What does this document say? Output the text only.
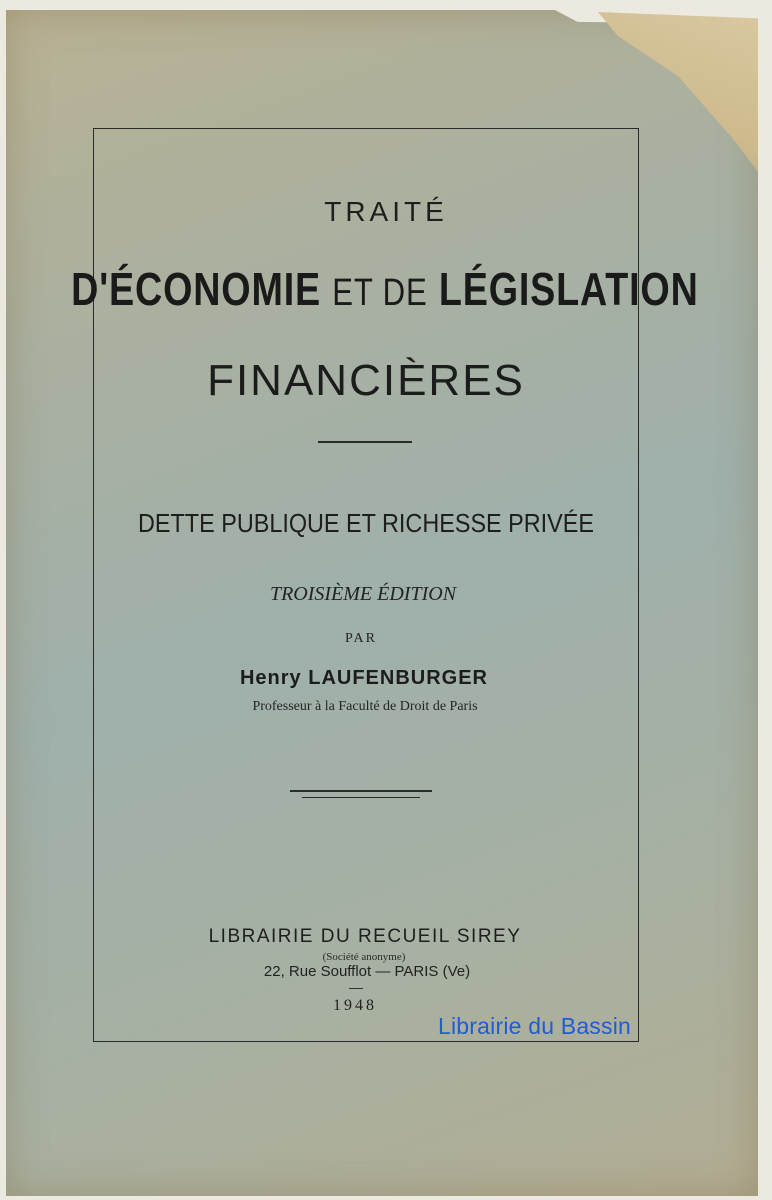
TRAITÉ
D'ÉCONOMIE ET DE LÉGISLATION
FINANCIÈRES
DETTE PUBLIQUE ET RICHESSE PRIVÉE
TROISIÈME ÉDITION
PAR
Henry LAUFENBURGER
Professeur à la Faculté de Droit de Paris
LIBRAIRIE DU RECUEIL SIREY
(Société anonyme)
22, Rue Soufflot — PARIS (Ve)
1948
Librairie du Bassin
